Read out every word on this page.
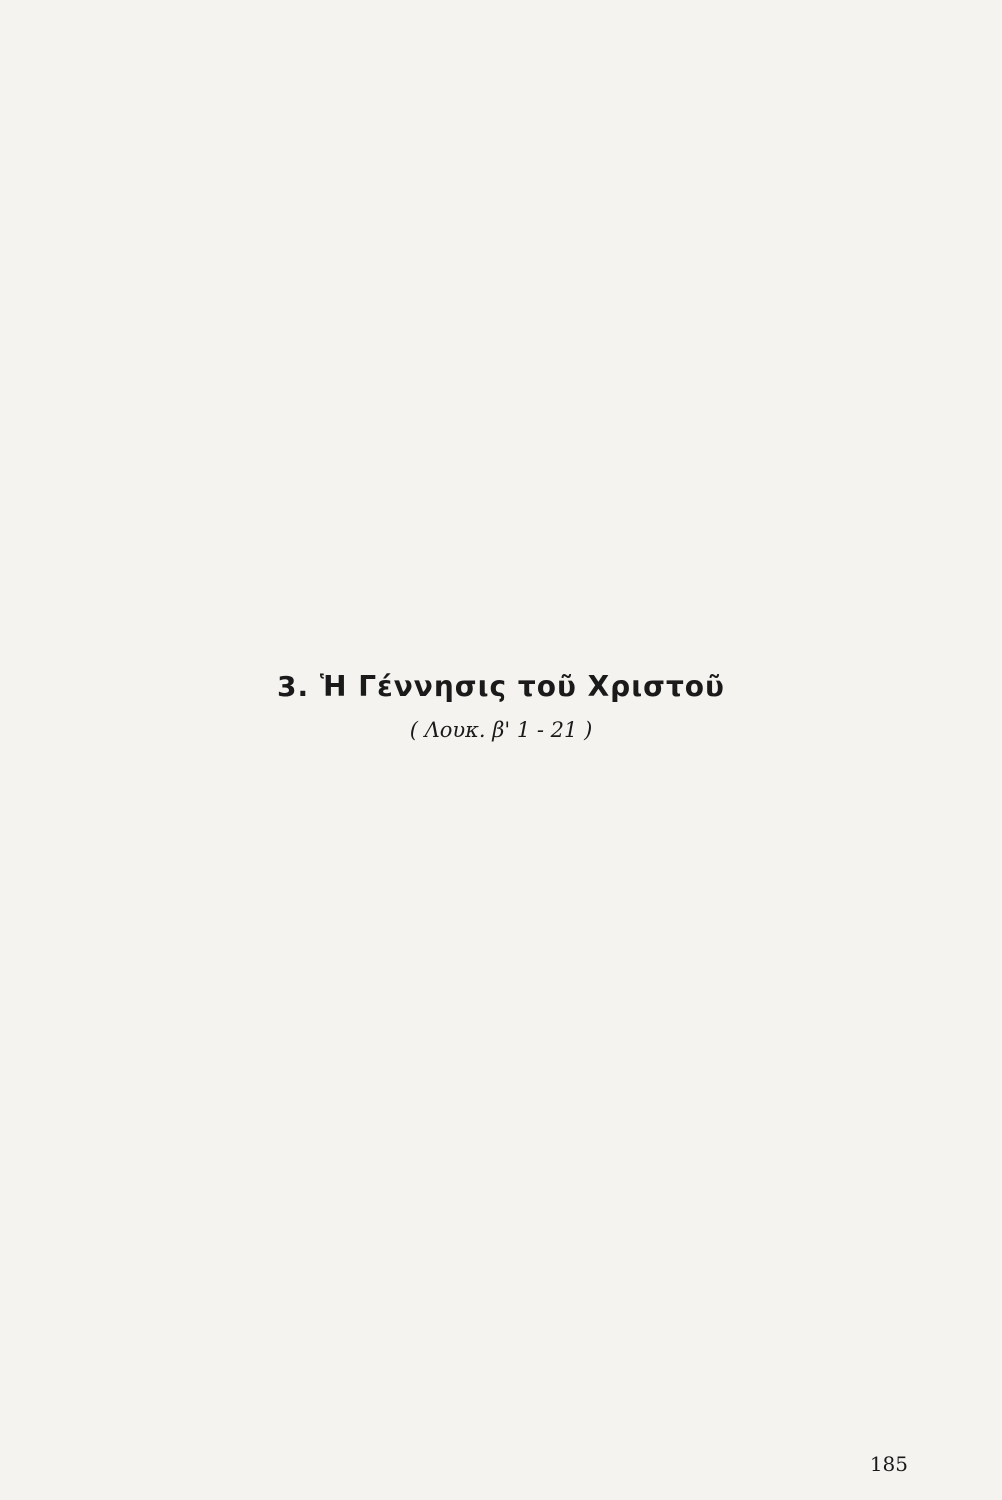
3. Ἡ Γέννησις τοῦ Χριστοῦ
( Λουκ. β' 1 - 21 )

185
